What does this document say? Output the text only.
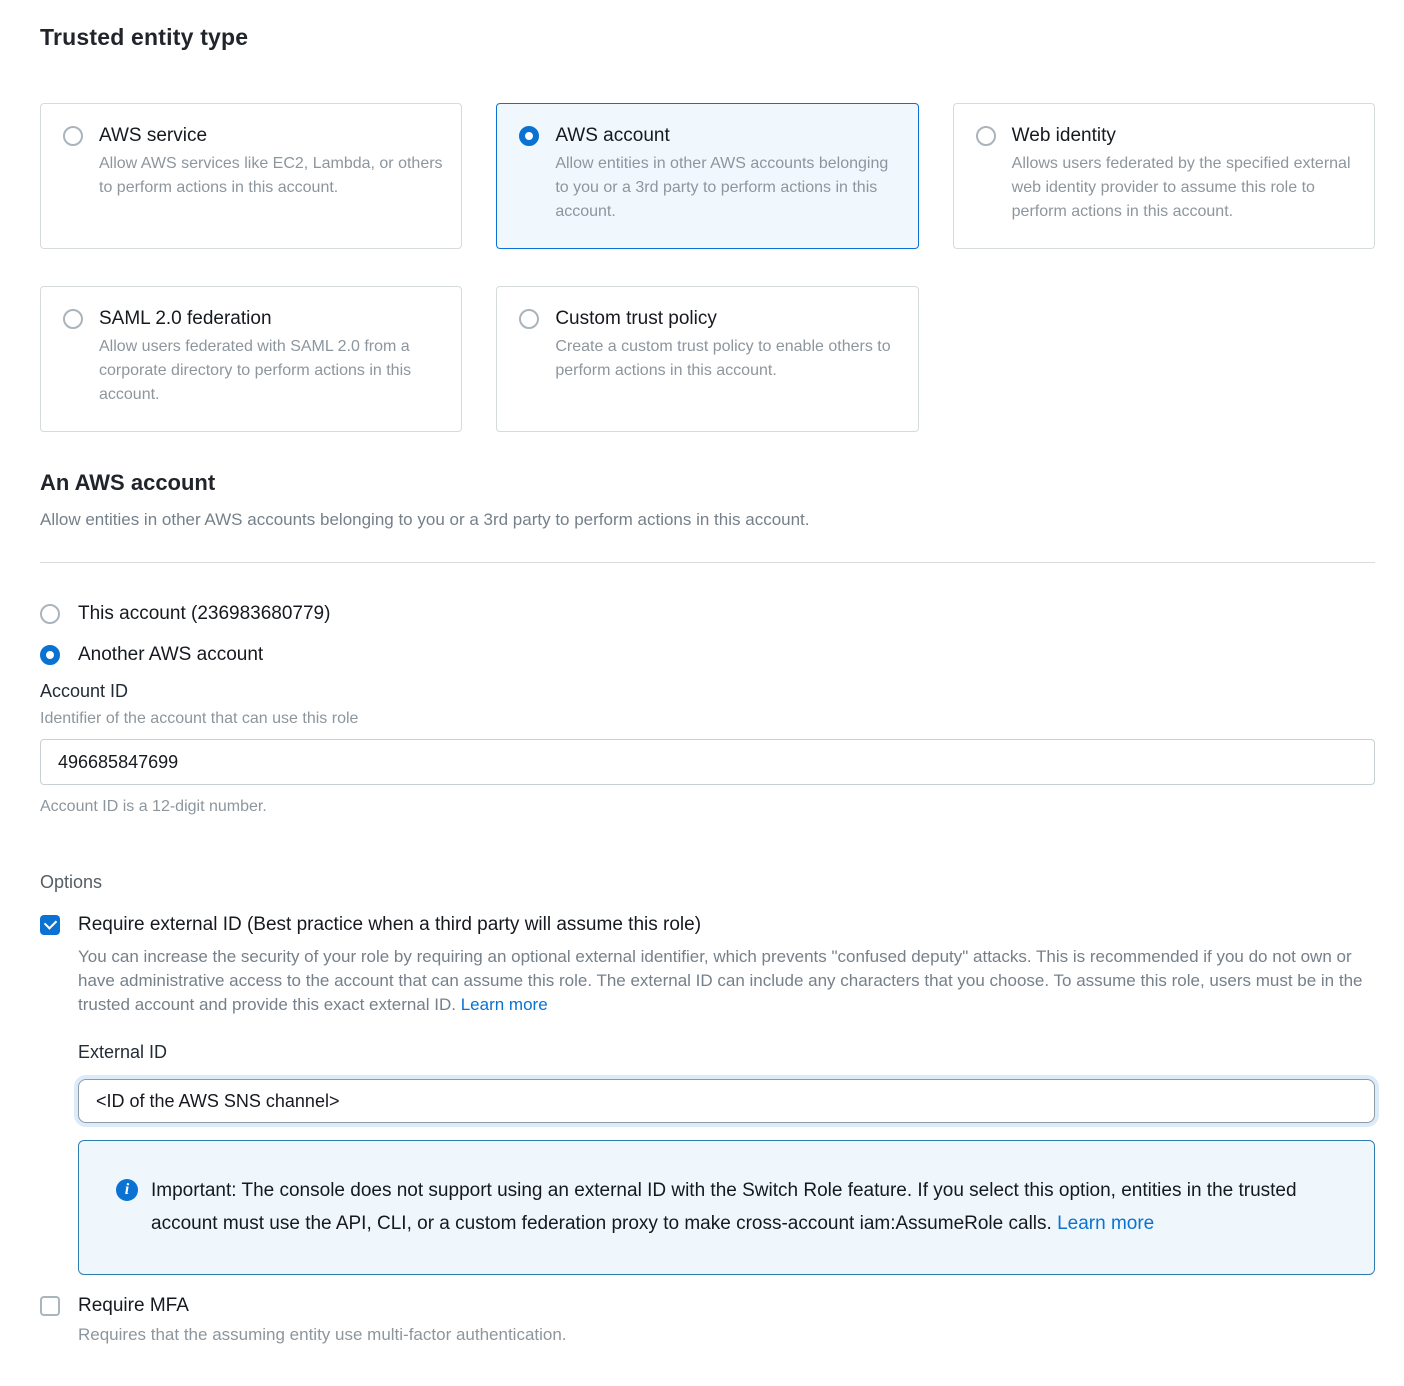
Trusted entity type
AWS service
Allow AWS services like EC2, Lambda, or others to perform actions in this account.
AWS account
Allow entities in other AWS accounts belonging to you or a 3rd party to perform actions in this account.
Web identity
Allows users federated by the specified external web identity provider to assume this role to perform actions in this account.
SAML 2.0 federation
Allow users federated with SAML 2.0 from a corporate directory to perform actions in this account.
Custom trust policy
Create a custom trust policy to enable others to perform actions in this account.
An AWS account

Allow entities in other AWS accounts belonging to you or a 3rd party to perform actions in this account.

This account (236983680779)
Another AWS account
Account ID
Identifier of the account that can use this role
496685847699
Account ID is a 12-digit number.
Options
Require external ID (Best practice when a third party will assume this role)

You can increase the security of your role by requiring an optional external identifier, which prevents "confused deputy" attacks. This is recommended if you do not own or have administrative access to the account that can assume this role. The external ID can include any characters that you choose. To assume this role, users must be in the trusted account and provide this exact external ID. Learn more

External ID
<ID of the AWS SNS channel>
i	Important: The console does not support using an external ID with the Switch Role feature. If you select this option, entities in the trusted account must use the API, CLI, or a custom federation proxy to make cross-account iam:AssumeRole calls. Learn more

Require MFA

Requires that the assuming entity use multi-factor authentication.
